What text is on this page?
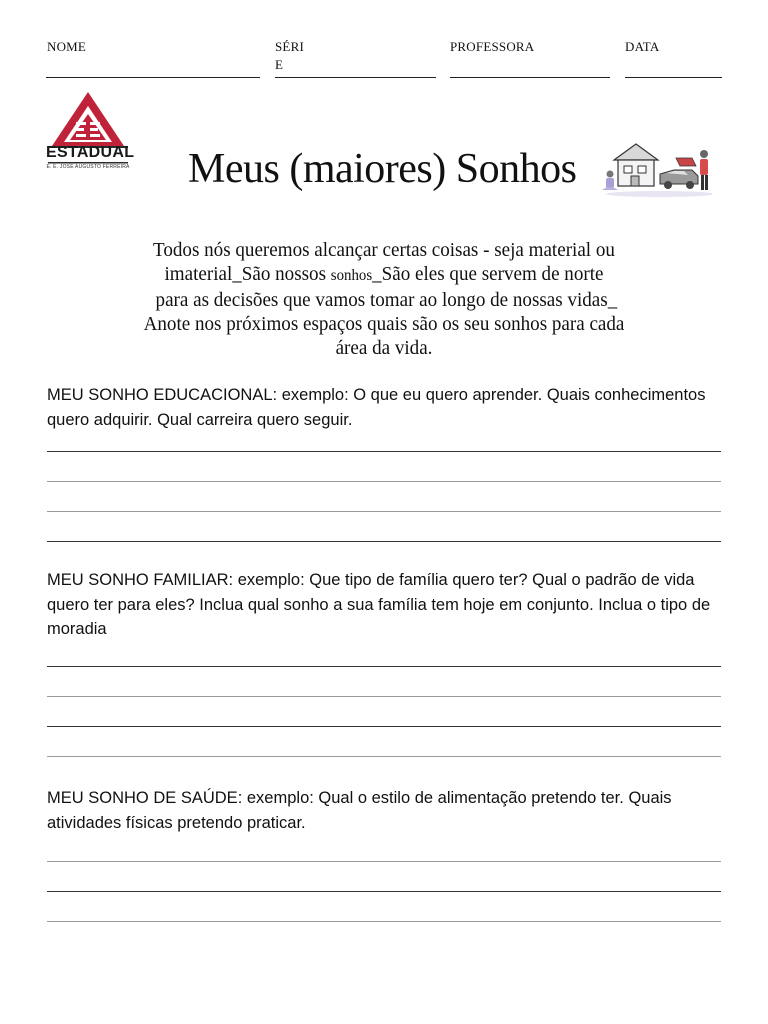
NOME	SÉRI
E
PROFESSORA	DATA
ESTADUAL
E. E. JOSÉ AUGUSTO FERREIRA Meus (maiores) Sonhos
Todos nós queremos alcançar certas coisas - seja material ou
imaterial ̲ São nossos sonhos ̲ São eles que servem de norte
para as decisões que vamos tomar ao longo de nossas vidas ̲
Anote nos próximos espaços quais são os seu sonhos para cada
área da vida.
MEU SONHO EDUCACIONAL: exemplo: O que eu quero aprender. Quais conhecimentos quero adquirir. Qual carreira quero seguir.
MEU SONHO FAMILIAR: exemplo: Que tipo de família quero ter? Qual o padrão de vida quero ter para eles? Inclua qual sonho a sua família tem hoje em conjunto. Inclua o tipo de moradia
MEU SONHO DE SAÚDE: exemplo: Qual o estilo de alimentação pretendo ter. Quais atividades físicas pretendo praticar.
